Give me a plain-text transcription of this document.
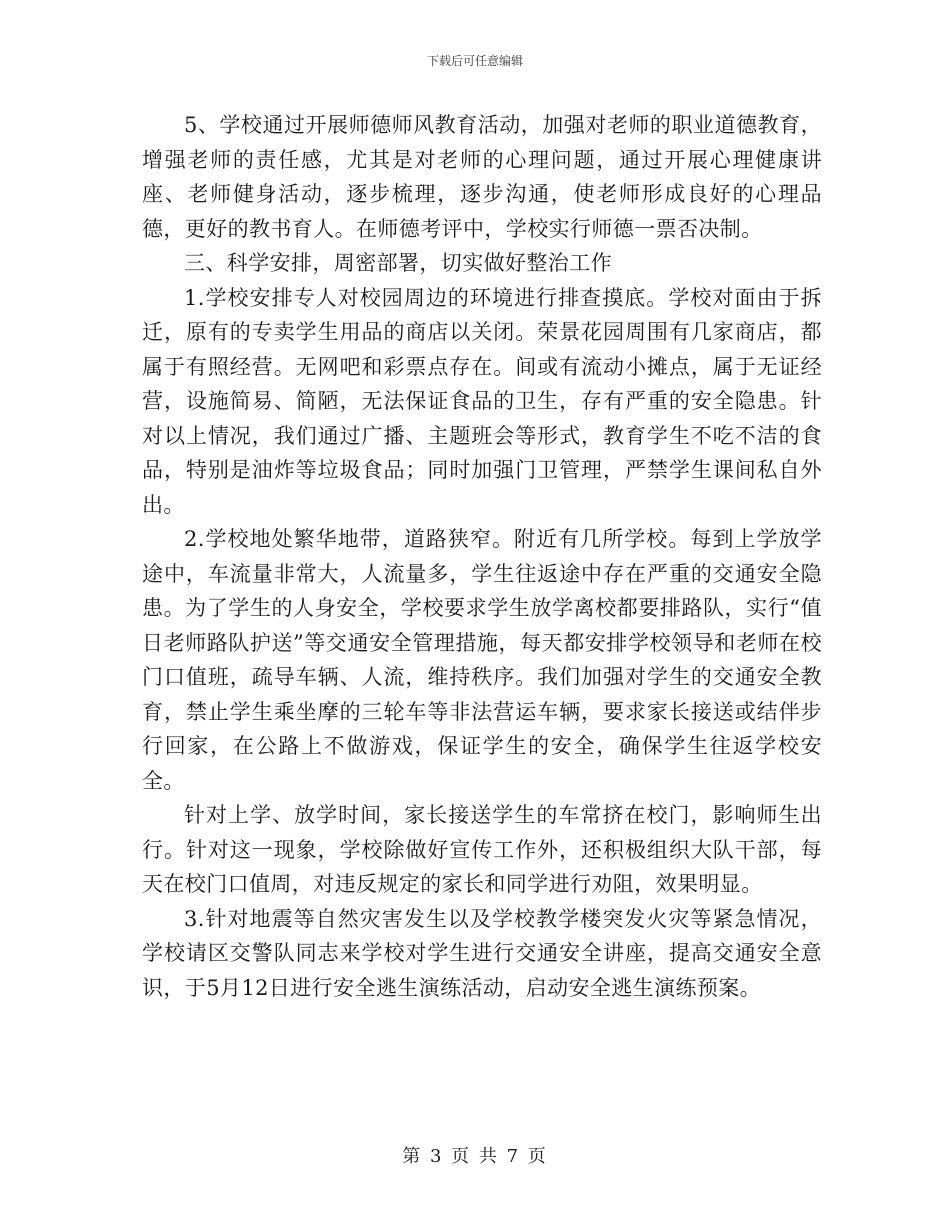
下载后可任意编辑

5、学校通过开展师德师风教育活动，加强对老师的职业道德教育，增强老师的责任感，尤其是对老师的心理问题，通过开展心理健康讲座、老师健身活动，逐步梳理，逐步沟通，使老师形成良好的心理品德，更好的教书育人。在师德考评中，学校实行师德一票否决制。

三、科学安排，周密部署，切实做好整治工作

1.学校安排专人对校园周边的环境进行排查摸底。学校对面由于拆迁，原有的专卖学生用品的商店以关闭。荣景花园周围有几家商店，都属于有照经营。无网吧和彩票点存在。间或有流动小摊点，属于无证经营，设施简易、简陋，无法保证食品的卫生，存有严重的安全隐患。针对以上情况，我们通过广播、主题班会等形式，教育学生不吃不洁的食品，特别是油炸等垃圾食品；同时加强门卫管理，严禁学生课间私自外出。

2.学校地处繁华地带，道路狭窄。附近有几所学校。每到上学放学途中，车流量非常大，人流量多，学生往返途中存在严重的交通安全隐患。为了学生的人身安全，学校要求学生放学离校都要排路队，实行“值日老师路队护送”等交通安全管理措施，每天都安排学校领导和老师在校门口值班，疏导车辆、人流，维持秩序。我们加强对学生的交通安全教育，禁止学生乘坐摩的三轮车等非法营运车辆，要求家长接送或结伴步行回家，在公路上不做游戏，保证学生的安全，确保学生往返学校安全。

针对上学、放学时间，家长接送学生的车常挤在校门，影响师生出行。针对这一现象，学校除做好宣传工作外，还积极组织大队干部，每天在校门口值周，对违反规定的家长和同学进行劝阻，效果明显。

3.针对地震等自然灾害发生以及学校教学楼突发火灾等紧急情况，学校请区交警队同志来学校对学生进行交通安全讲座，提高交通安全意识，于5月12日进行安全逃生演练活动，启动安全逃生演练预案。

第 3 页 共 7 页
